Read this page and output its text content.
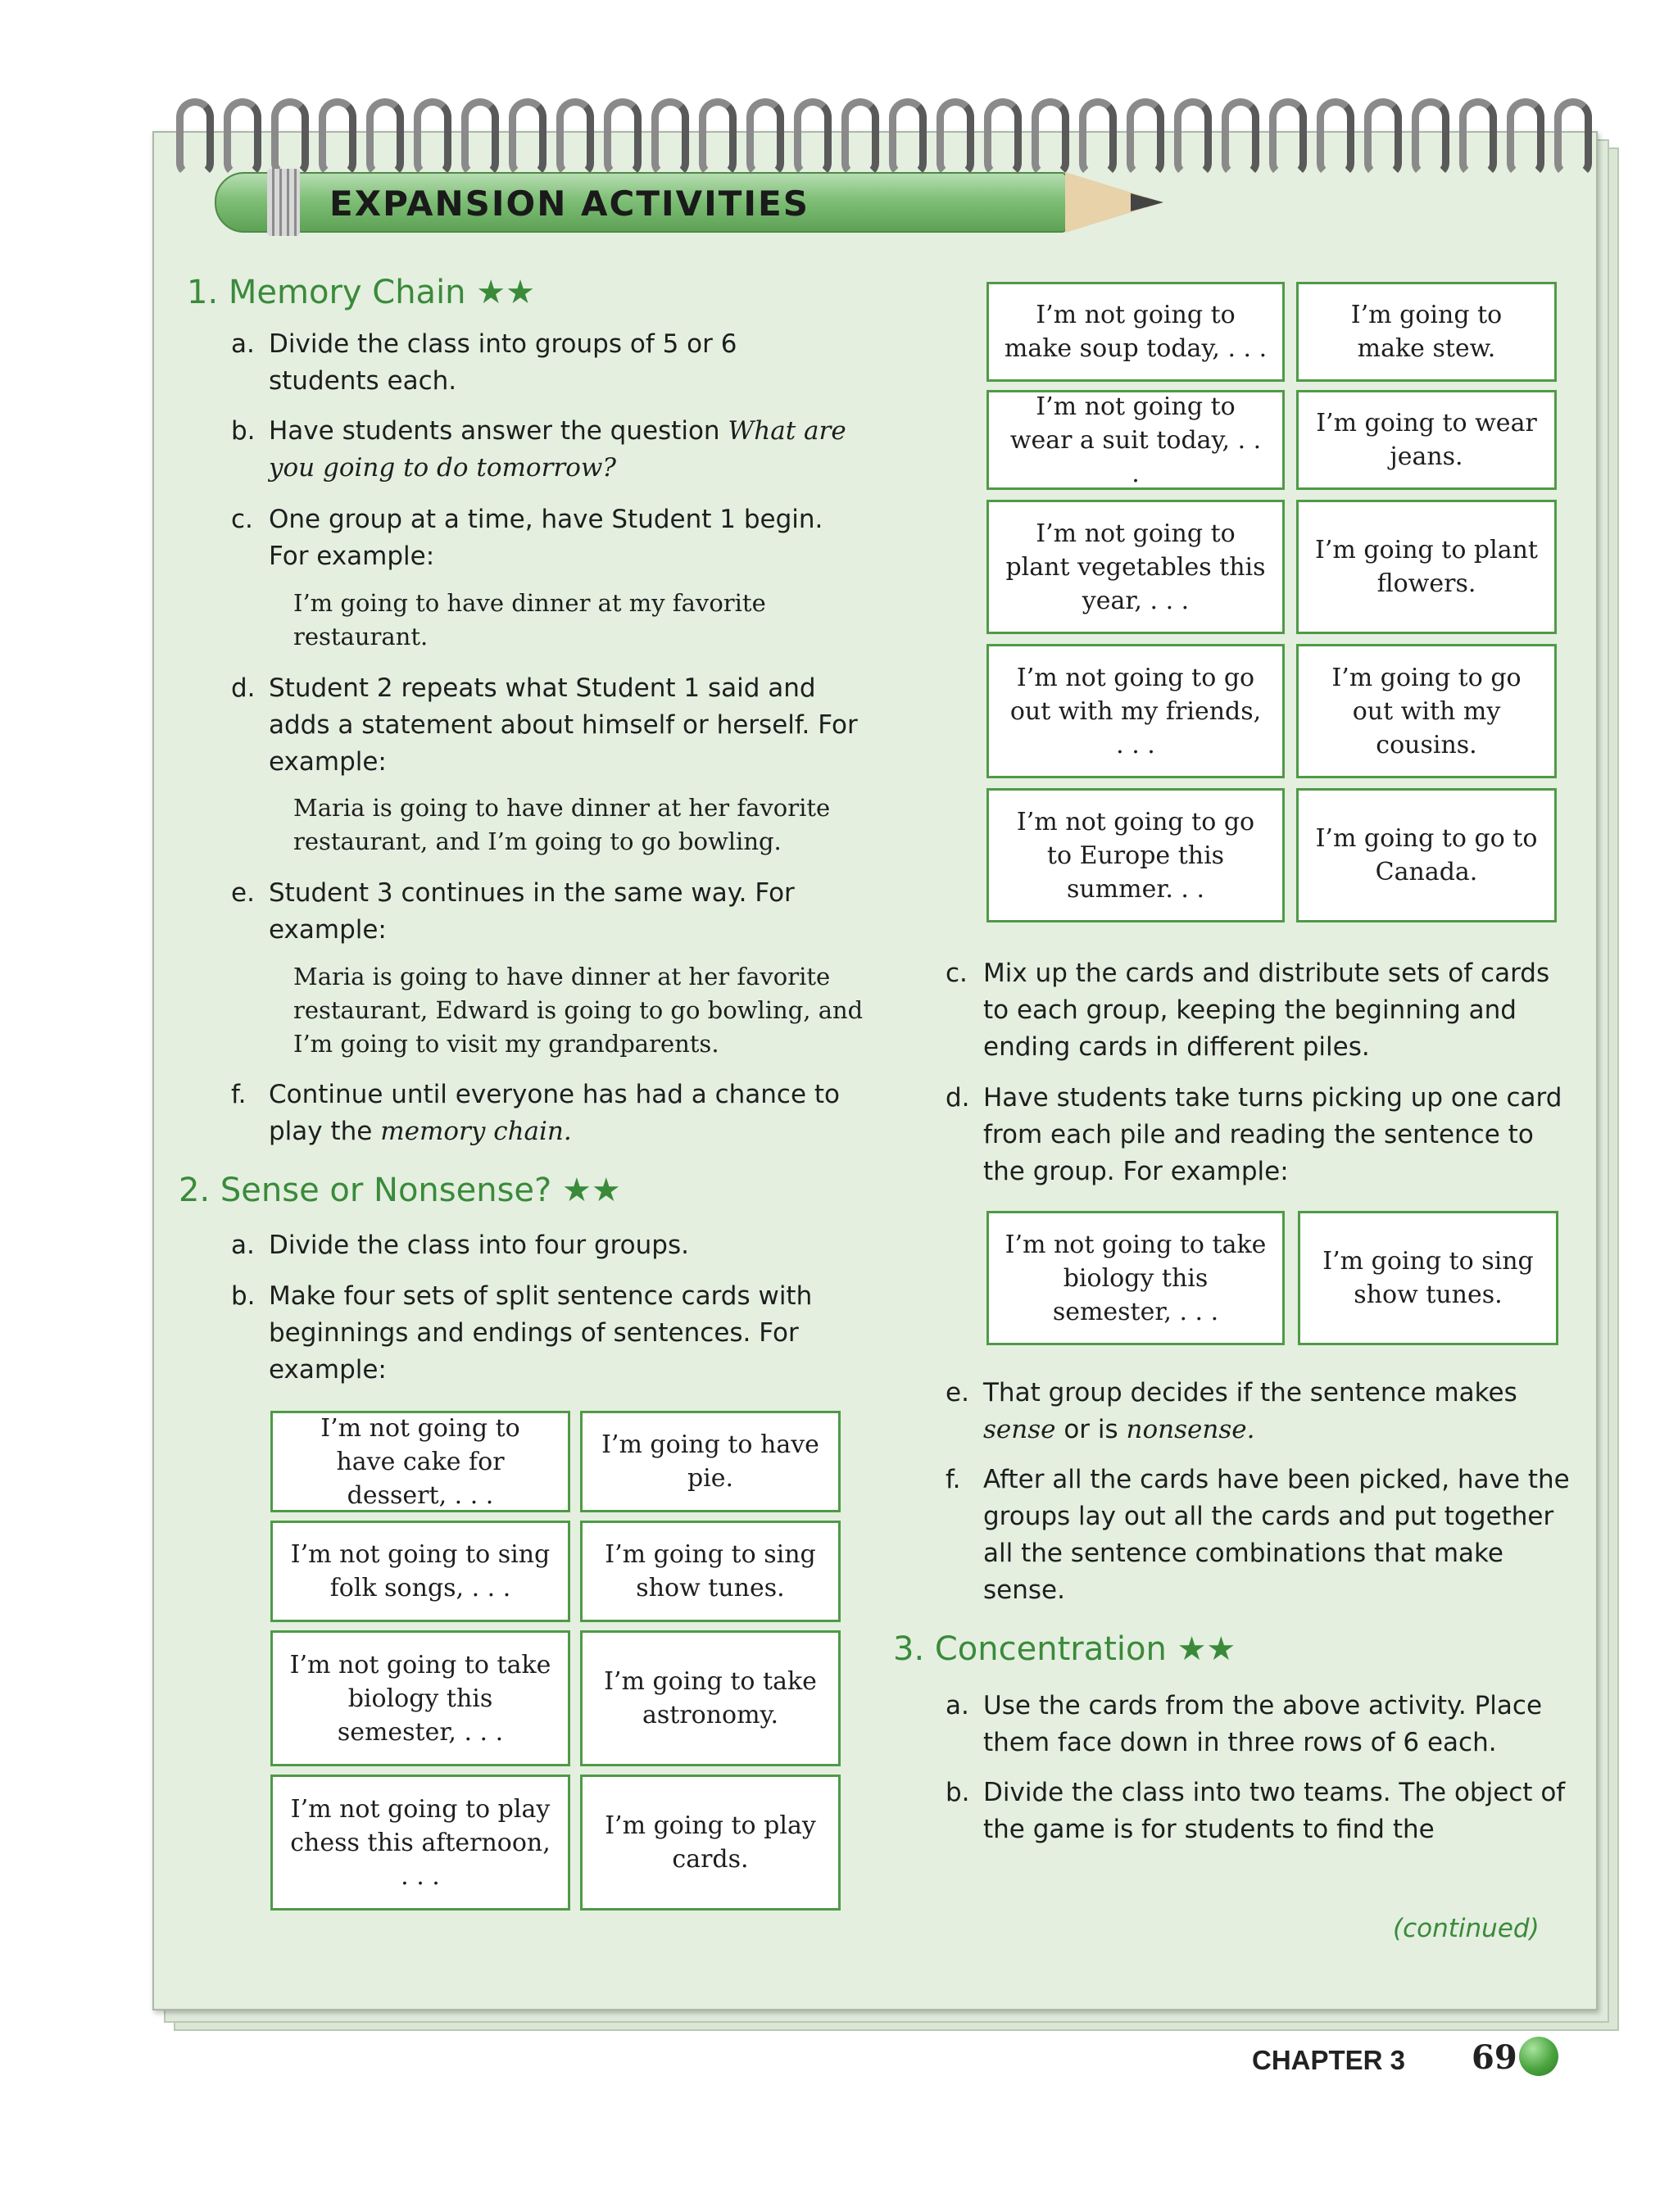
EXPANSION ACTIVITIES
1. Memory Chain ★★
a. Divide the class into groups of 5 or 6 students each.
b. Have students answer the question What are you going to do tomorrow?
c. One group at a time, have Student 1 begin. For example:
I’m going to have dinner at my favorite restaurant.
d. Student 2 repeats what Student 1 said and adds a statement about himself or herself. For example:
Maria is going to have dinner at her favorite restaurant, and I’m going to go bowling.
e. Student 3 continues in the same way. For example:
Maria is going to have dinner at her favorite restaurant, Edward is going to go bowling, and I’m going to visit my grandparents.
f. Continue until everyone has had a chance to play the memory chain.
2. Sense or Nonsense? ★★
a. Divide the class into four groups.
b. Make four sets of split sentence cards with beginnings and endings of sentences. For example:
I’m not going to have cake for dessert, . . .
I’m going to have pie.
I’m not going to sing folk songs, . . .
I’m going to sing show tunes.
I’m not going to take biology this semester, . . .
I’m going to take astronomy.
I’m not going to play chess this afternoon, . . .
I’m going to play cards.
I’m not going to make soup today, . . .
I’m going to make stew.
I’m not going to wear a suit today, . . .
I’m going to wear jeans.
I’m not going to plant vegetables this year, . . .
I’m going to plant flowers.
I’m not going to go out with my friends, . . .
I’m going to go out with my cousins.
I’m not going to go to Europe this summer. . .
I’m going to go to Canada.
c. Mix up the cards and distribute sets of cards to each group, keeping the beginning and ending cards in different piles.
d. Have students take turns picking up one card from each pile and reading the sentence to the group. For example:
I’m not going to take biology this semester, . . .
I’m going to sing show tunes.
e. That group decides if the sentence makes sense or is nonsense.
f. After all the cards have been picked, have the groups lay out all the cards and put together all the sentence combinations that make sense.
3. Concentration ★★
a. Use the cards from the above activity. Place them face down in three rows of 6 each.
b. Divide the class into two teams. The object of the game is for students to find the
(continued)
CHAPTER 3 69
